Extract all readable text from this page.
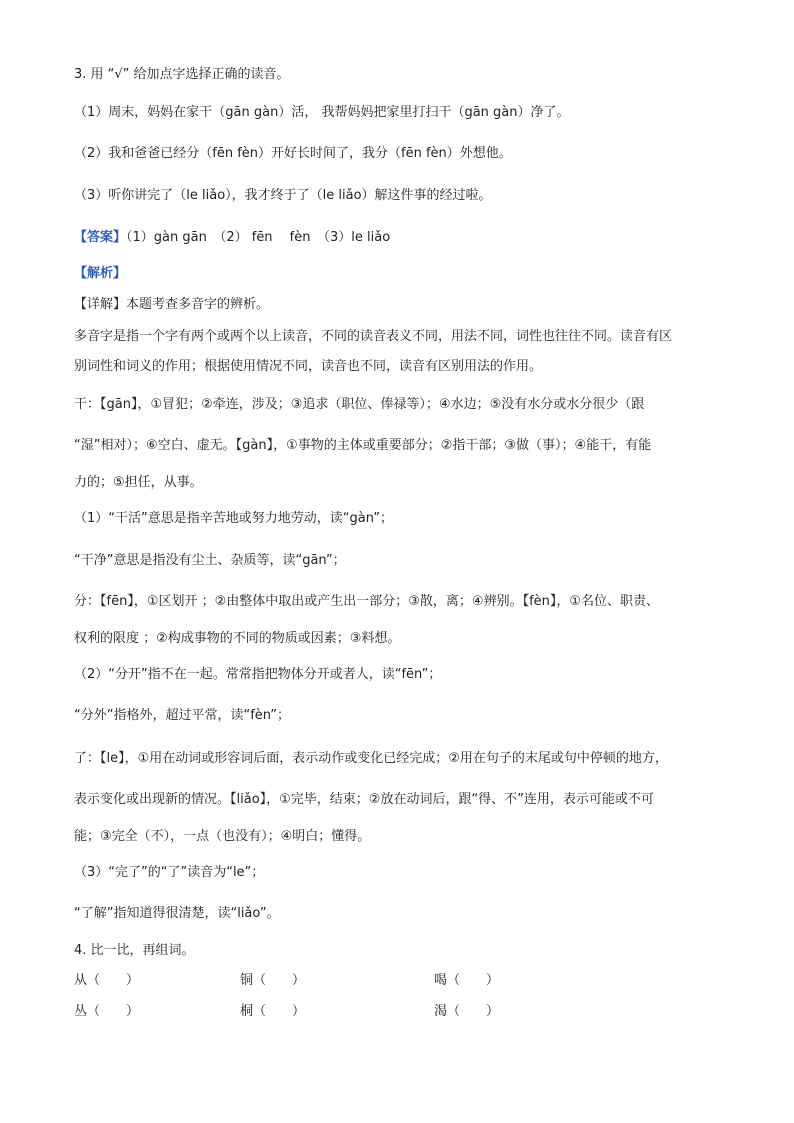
3. 用 “√” 给加点字选择正确的读音。
（1）周末，妈妈在家干（gān gàn）活， 我帮妈妈把家里打扫干（gān gàn）净了。
（2）我和爸爸已经分（fēn fèn）开好长时间了，我分（fēn fèn）外想他。
（3）听你讲完了（le liǎo），我才终于了（le liǎo）解这件事的经过啦。
【答案】（1）gàn gān　（2） fēn　 fèn　（3）le liǎo
【解析】
【详解】本题考查多音字的辨析。
多音字是指一个字有两个或两个以上读音，不同的读音表义不同，用法不同，词性也往往不同。读音有区
别词性和词义的作用；根据使用情况不同，读音也不同，读音有区别用法的作用。
干：【gān】，①冒犯；②牵连，涉及；③追求（职位、俸禄等）；④水边；⑤没有水分或水分很少（跟
“湿”相对）；⑥空白、虚无。【gàn】，①事物的主体或重要部分；②指干部；③做（事）；④能干，有能
力的；⑤担任，从事。
（1）“干活”意思是指辛苦地或努力地劳动，读“gàn”；
“干净”意思是指没有尘土、杂质等，读“gān”；
分：【fēn】，①区划开 ；②由整体中取出或产生出一部分；③散，离；④辨别。【fèn】，①名位、职责、
权利的限度 ；②构成事物的不同的物质或因素；③料想。
（2）“分开”指不在一起。常常指把物体分开或者人，读“fēn”；
“分外”指格外，超过平常，读“fèn”；
了：【le】，①用在动词或形容词后面，表示动作或变化已经完成；②用在句子的末尾或句中停顿的地方，
表示变化或出现新的情况。【liǎo】，①完毕，结束；②放在动词后，跟“得、不”连用，表示可能或不可
能；③完全（不），一点（也没有）；④明白；懂得。
（3）“完了”的“了”读音为“le”；
“了解”指知道得很清楚，读“liǎo”。
4. 比一比，再组词。
从（　　）	铜（　　）	喝（　　）
丛（　　）	桐（　　）	渴（　　）
